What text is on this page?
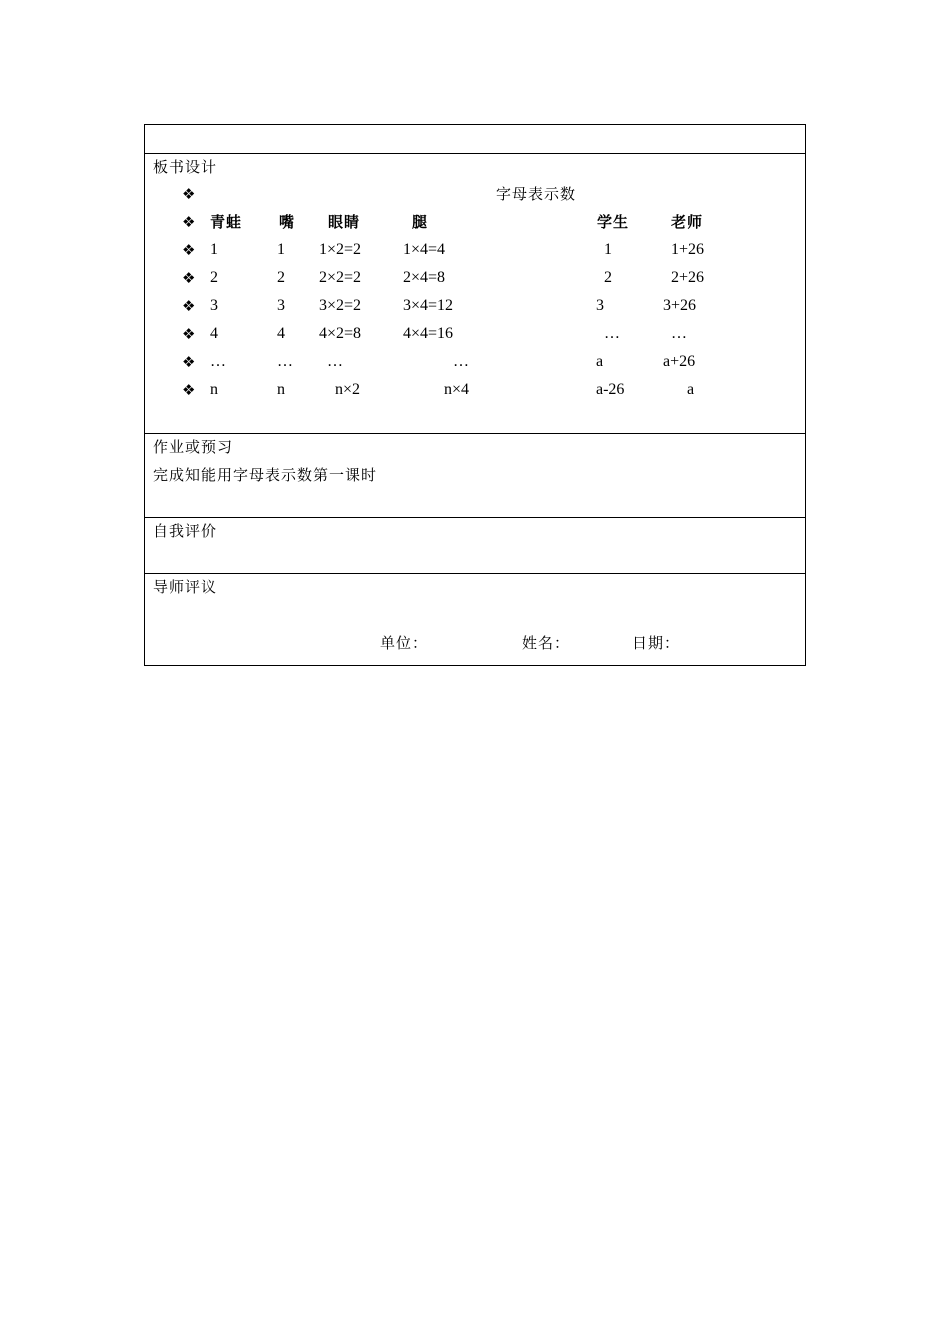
板书设计
❖	字母表示数
❖ 青蛙 嘴 眼睛	腿	学生	老师
❖ 1	1 1×2=2	1×4=4	1	1+26
❖ 2	2 2×2=2	2×4=8	2	2+26
❖ 3	3 3×2=2	3×4=12	3	3+26
❖ 4	4 4×2=8	4×4=16	…	…
❖ …	… …	…	a	a+26
❖ n	n	n×2	n×4	a-26	a
作业或预习
完成知能用字母表示数第一课时
自我评价
导师评议
单位：	姓名：	日期：
